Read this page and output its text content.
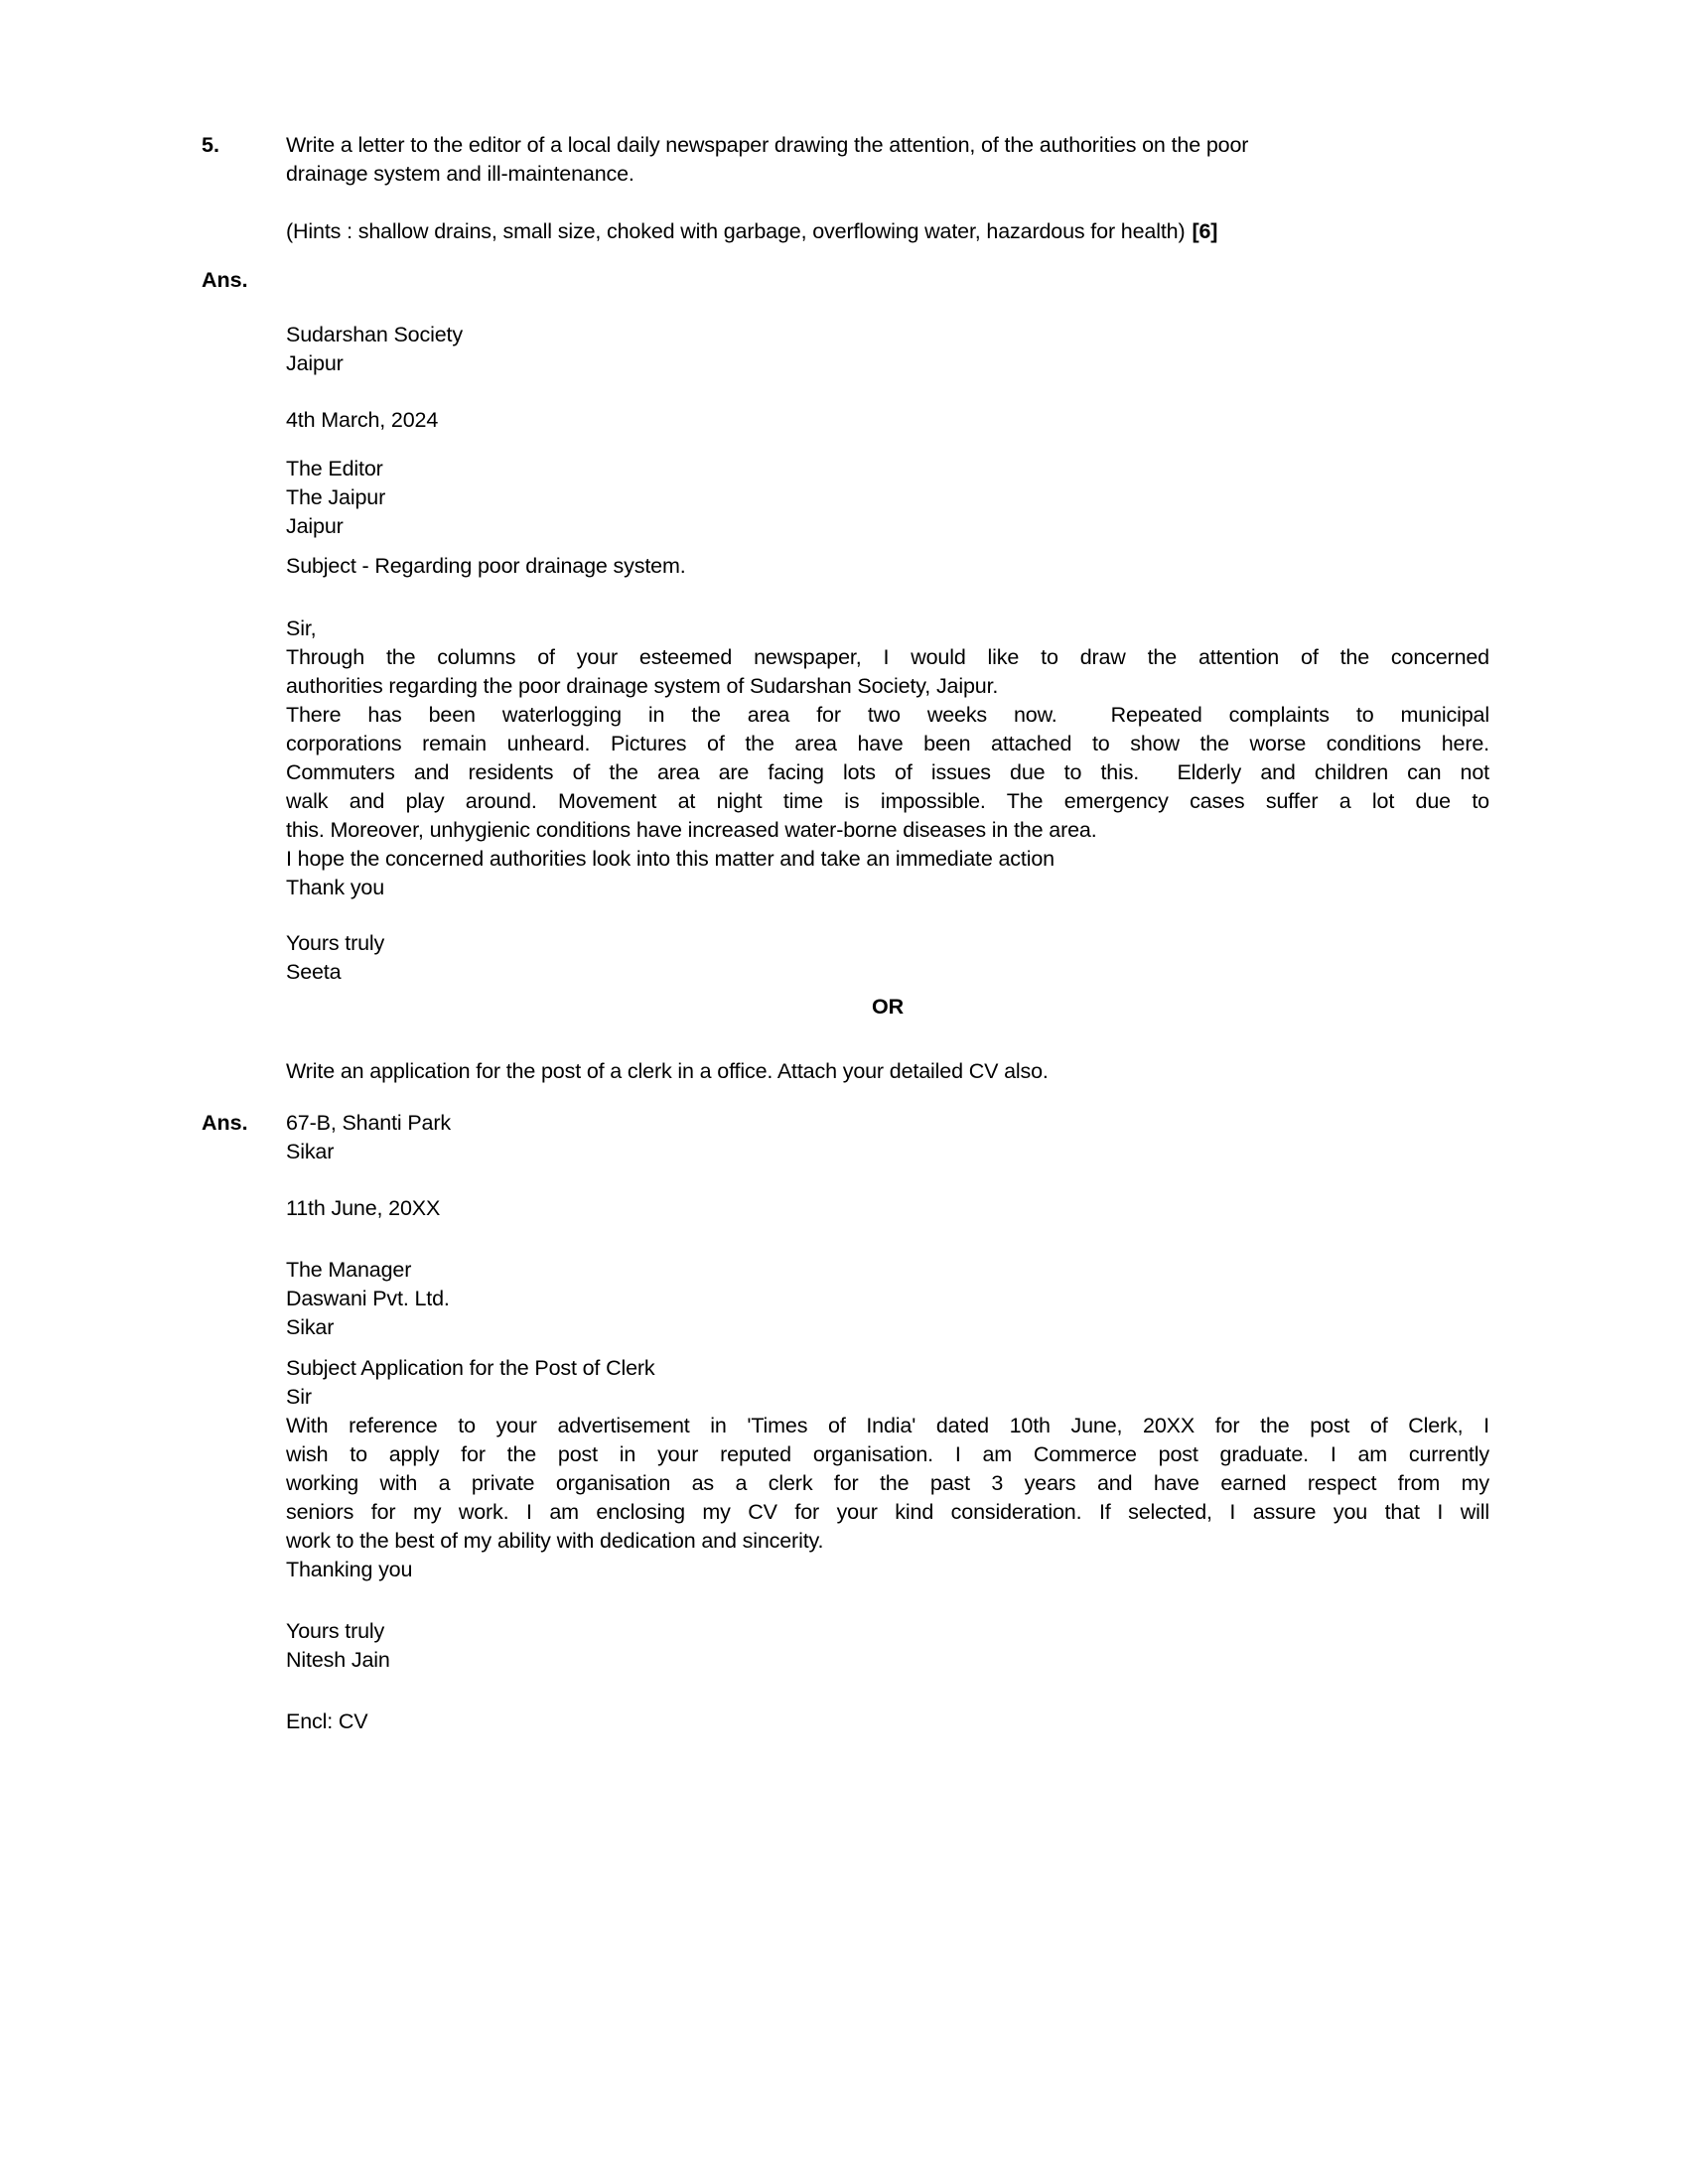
5.	Write a letter to the editor of a local daily newspaper drawing the attention, of the authorities on the poor
drainage system and ill-maintenance.
(Hints : shallow drains, small size, choked with garbage, overflowing water, hazardous for health) [6]
Ans.
Sudarshan Society
Jaipur
4th March, 2024
The Editor
The Jaipur
Jaipur
Subject - Regarding poor drainage system.
Sir,
Through the columns of your esteemed newspaper, I would like to draw the attention of the concerned
authorities regarding the poor drainage system of Sudarshan Society, Jaipur.
There has been waterlogging in the area for two weeks now.  Repeated complaints to municipal
corporations remain unheard. Pictures of the area have been attached to show the worse conditions here.
Commuters and residents of the area are facing lots of issues due to this.  Elderly and children can not
walk and play around. Movement at night time is impossible. The emergency cases suffer a lot due to
this. Moreover, unhygienic conditions have increased water-borne diseases in the area.
I hope the concerned authorities look into this matter and take an immediate action
Thank you
Yours truly
Seeta
OR
Write an application for the post of a clerk in a office. Attach your detailed CV also.
Ans. 67-B, Shanti Park
Sikar
11th June, 20XX
The Manager
Daswani Pvt. Ltd.
Sikar
Subject Application for the Post of Clerk
Sir
With reference to your advertisement in 'Times of India' dated 10th June, 20XX for the post of Clerk, I
wish to apply for the post in your reputed organisation. I am Commerce post graduate. I am currently
working with a private organisation as a clerk for the past 3 years and have earned respect from my
seniors for my work. I am enclosing my CV for your kind consideration. If selected, I assure you that I will
work to the best of my ability with dedication and sincerity.
Thanking you
Yours truly
Nitesh Jain
Encl: CV
